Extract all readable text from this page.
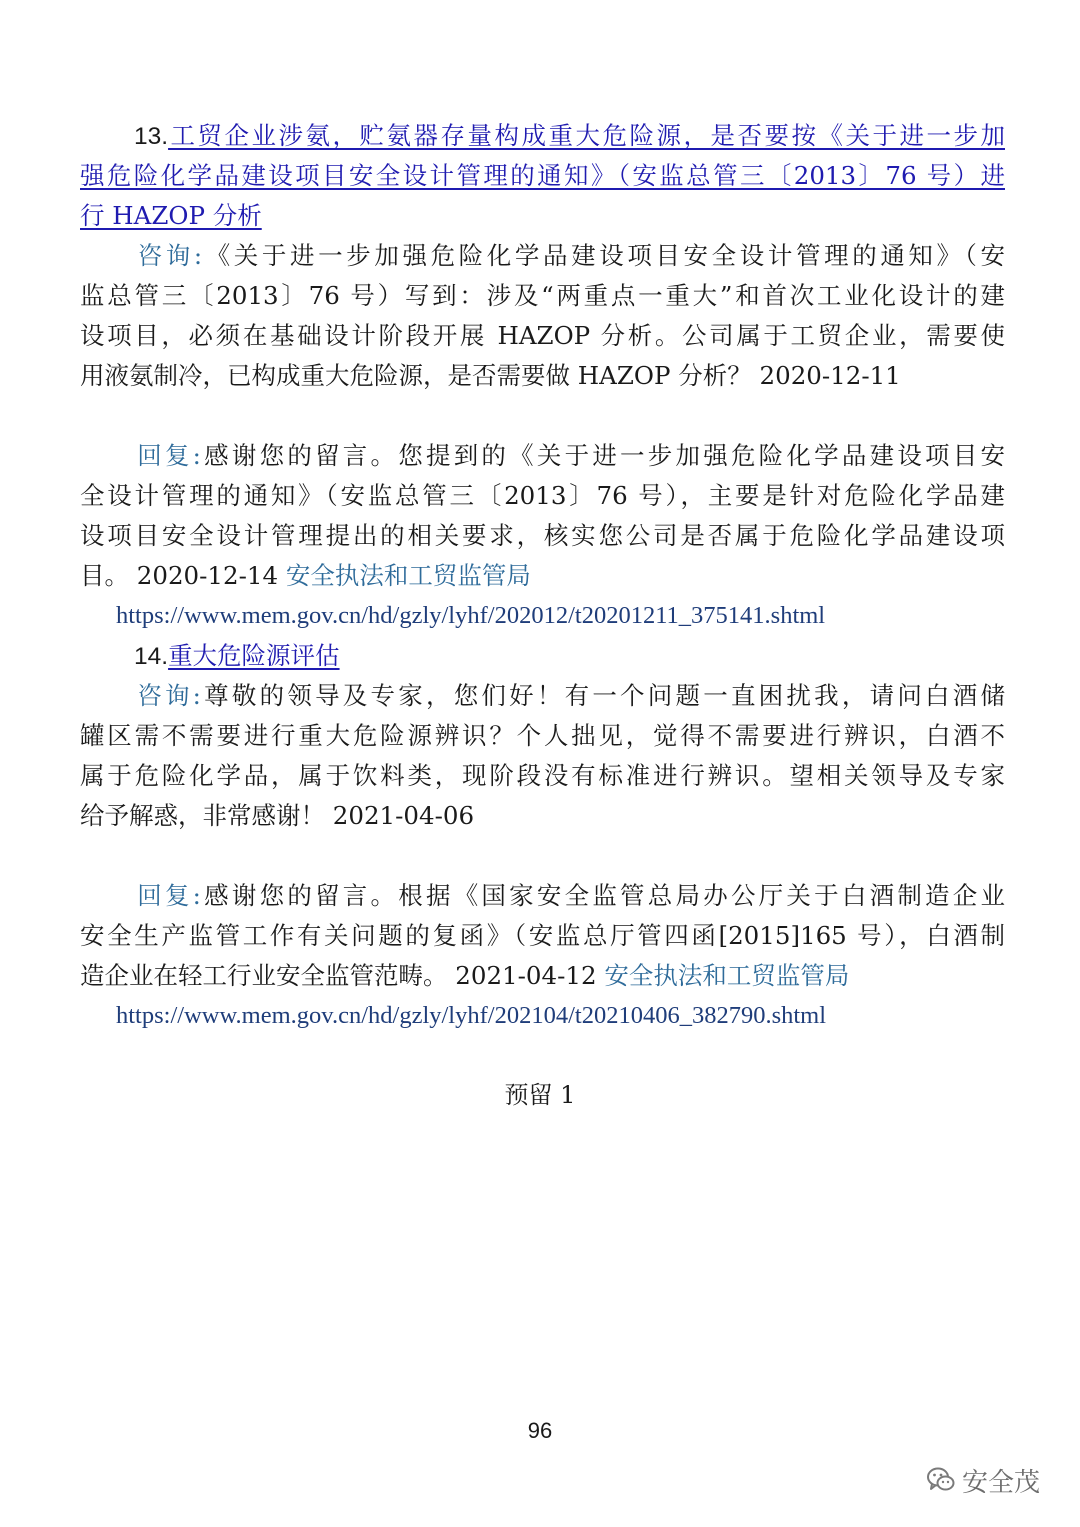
13.工贸企业涉氨，贮氨器存量构成重大危险源，是否要按《关于进一步加
强危险化学品建设项目安全设计管理的通知》（安监总管三〔2013〕76 号）进
行 HAZOP 分析
咨询:《关于进一步加强危险化学品建设项目安全设计管理的通知》（安
监总管三〔2013〕76 号）写到：涉及“两重点一重大”和首次工业化设计的建
设项目，必须在基础设计阶段开展 HAZOP 分析。公司属于工贸企业，需要使
用液氨制冷，已构成重大危险源，是否需要做 HAZOP 分析？ 2020-12-11
回复:感谢您的留言。您提到的《关于进一步加强危险化学品建设项目安
全设计管理的通知》（安监总管三〔2013〕76 号），主要是针对危险化学品建
设项目安全设计管理提出的相关要求，核实您公司是否属于危险化学品建设项
目。 2020-12-14 安全执法和工贸监管局
https://www.mem.gov.cn/hd/gzly/lyhf/202012/t20201211_375141.shtml
14.重大危险源评估
咨询:尊敬的领导及专家，您们好！有一个问题一直困扰我，请问白酒储
罐区需不需要进行重大危险源辨识？个人拙见，觉得不需要进行辨识，白酒不
属于危险化学品，属于饮料类，现阶段没有标准进行辨识。望相关领导及专家
给予解惑，非常感谢！ 2021-04-06
回复:感谢您的留言。根据《国家安全监管总局办公厅关于白酒制造企业
安全生产监管工作有关问题的复函》（安监总厅管四函[2015]165 号），白酒制
造企业在轻工行业安全监管范畴。 2021-04-12 安全执法和工贸监管局
https://www.mem.gov.cn/hd/gzly/lyhf/202104/t20210406_382790.shtml
预留 1
96
安全茂
